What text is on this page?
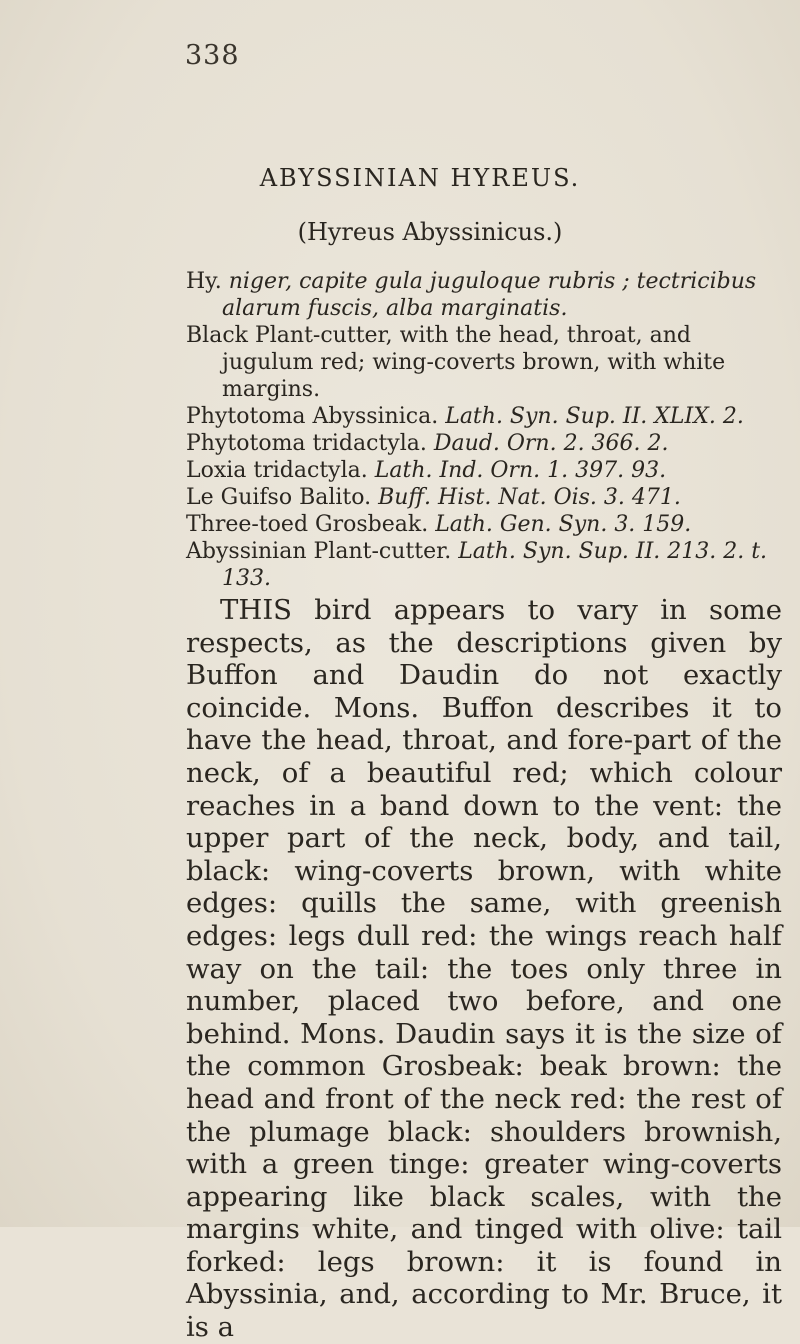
338
ABYSSINIAN HYREUS.
(Hyreus Abyssinicus.)

Hy. niger, capite gula juguloque rubris ; tectricibus alarum fuscis, alba marginatis.

Black Plant-cutter, with the head, throat, and jugulum red; wing-coverts brown, with white margins.

Phytotoma Abyssinica. Lath. Syn. Sup. II. XLIX. 2.

Phytotoma tridactyla. Daud. Orn. 2. 366. 2.

Loxia tridactyla. Lath. Ind. Orn. 1. 397. 93.

Le Guifso Balito. Buff. Hist. Nat. Ois. 3. 471.

Three-toed Grosbeak. Lath. Gen. Syn. 3. 159.

Abyssinian Plant-cutter. Lath. Syn. Sup. II. 213. 2. t. 133.

THIS bird appears to vary in some respects, as the descriptions given by Buffon and Daudin do not exactly coincide. Mons. Buffon describes it to have the head, throat, and fore-part of the neck, of a beautiful red; which colour reaches in a band down to the vent: the upper part of the neck, body, and tail, black: wing-coverts brown, with white edges: quills the same, with greenish edges: legs dull red: the wings reach half way on the tail: the toes only three in number, placed two before, and one behind. Mons. Daudin says it is the size of the common Grosbeak: beak brown: the head and front of the neck red: the rest of the plumage black: shoulders brownish, with a green tinge: greater wing-coverts appearing like black scales, with the margins white, and tinged with olive: tail forked: legs brown: it is found in Abyssinia, and, according to Mr. Bruce, it is a
